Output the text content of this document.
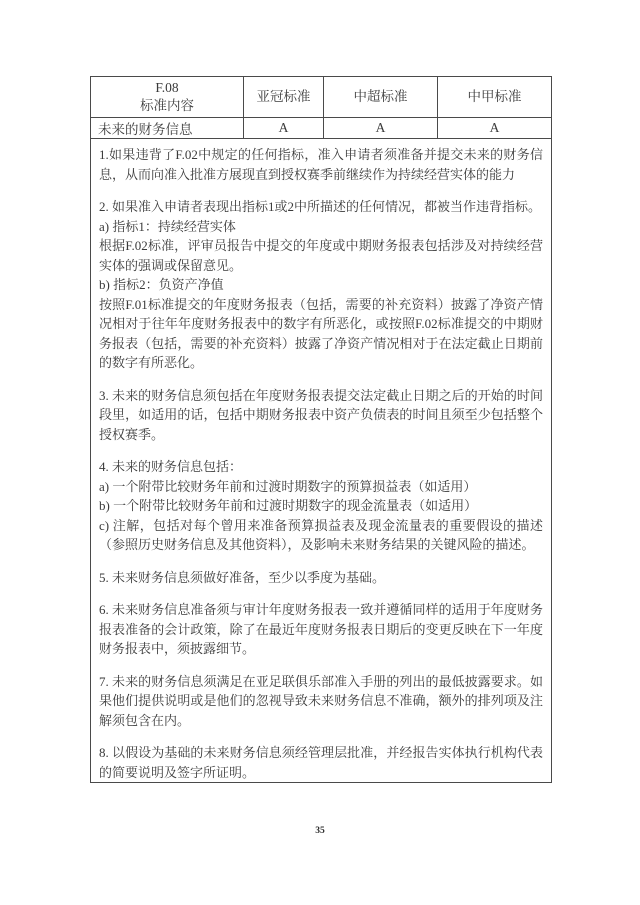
F.08
标准内容	亚冠标准	中超标准	中甲标准
未来的财务信息	A	A	A

1.如果违背了F.02中规定的任何指标，准入申请者须准备并提交未来的财务信息，从而向准入批准方展现直到授权赛季前继续作为持续经营实体的能力
2. 如果准入申请者表现出指标1或2中所描述的任何情况，都被当作违背指标。
a) 指标1：持续经营实体
根据F.02标准，评审员报告中提交的年度或中期财务报表包括涉及对持续经营实体的强调或保留意见。
b) 指标2：负资产净值
按照F.01标准提交的年度财务报表（包括，需要的补充资料）披露了净资产情况相对于往年年度财务报表中的数字有所恶化，或按照F.02标准提交的中期财务报表（包括，需要的补充资料）披露了净资产情况相对于在法定截止日期前的数字有所恶化。
3. 未来的财务信息须包括在年度财务报表提交法定截止日期之后的开始的时间段里，如适用的话，包括中期财务报表中资产负债表的时间且须至少包括整个授权赛季。
4. 未来的财务信息包括：
a) 一个附带比较财务年前和过渡时期数字的预算损益表（如适用）
b) 一个附带比较财务年前和过渡时期数字的现金流量表（如适用）
c) 注解，包括对每个曾用来准备预算损益表及现金流量表的重要假设的描述（参照历史财务信息及其他资料），及影响未来财务结果的关键风险的描述。
5. 未来财务信息须做好准备，至少以季度为基础。
6. 未来财务信息准备须与审计年度财务报表一致并遵循同样的适用于年度财务报表准备的会计政策，除了在最近年度财务报表日期后的变更反映在下一年度财务报表中，须披露细节。
7. 未来的财务信息须满足在亚足联俱乐部准入手册的列出的最低披露要求。如果他们提供说明或是他们的忽视导致未来财务信息不准确，额外的排列项及注解须包含在内。
8. 以假设为基础的未来财务信息须经管理层批准，并经报告实体执行机构代表的简要说明及签字所证明。
35
